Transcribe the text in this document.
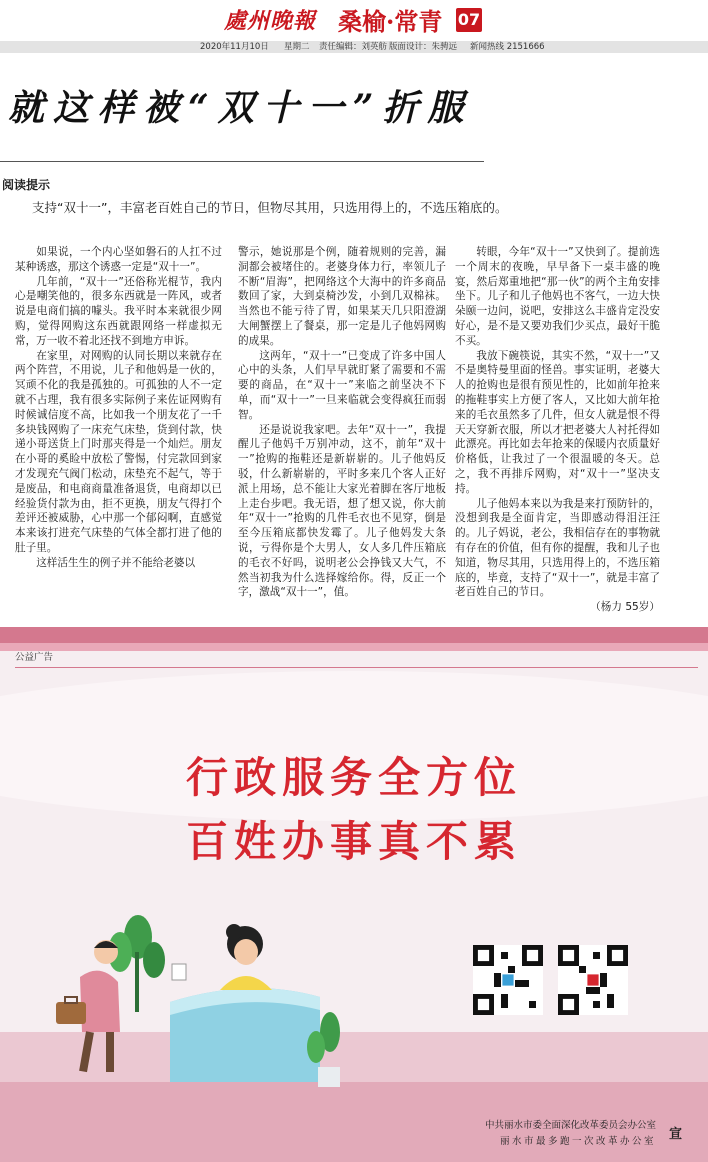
處州晚報 桑榆·常青 07
2020年11月10日 星期二 责任编辑：刘英舫 版面设计：朱骋远 新闻热线 2151666
就这样被“双十一”折服
阅读提示
支持“双十一”，丰富老百姓自己的节日，但物尽其用，只选用得上的，不选压箱底的。

如果说，一个内心坚如磐石的人扛不过某种诱惑，那这个诱惑一定是“双十一”。

几年前，“双十一”还俗称光棍节，我内心是嘲笑他的，很多东西就是一阵风，或者说是电商们搞的噱头。我平时本来就很少网购，觉得网购这东西就跟网络一样虚拟无常，万一收不着北还找不到地方申诉。

在家里，对网购的认同长期以来就存在两个阵营，不用说，儿子和他妈是一伙的，冥顽不化的我是孤独的。可孤独的人不一定就不占理，我有很多实际例子来佐证网购有时候诚信度不高，比如我一个朋友花了一千多块钱网购了一床充气床垫，货到付款，快递小哥送货上门时那夹得是一个灿烂。朋友在小哥的奚睑中放松了警惕，付完款回到家才发现充气阀门松动，床垫充不起气，等于是废品，和电商商量准备退货，电商却以已经验货付款为由，拒不更换，朋友气得打个差评还被威胁，心中那一个郁闷啊，直感觉本来该打进充气床垫的气体全都打进了他的肚子里。

这样活生生的例子并不能给老婆以

警示，她说那是个例，随着规则的完善，漏洞都会被堵住的。老婆身体力行，率领儿子不断“眉海”，把网络这个大海中的许多商品数回了家，大到桌椅沙发，小到几双棉袜。当然也不能亏待了胃，如果某天几只阳澄湖大闸蟹摆上了餐桌，那一定是儿子他妈网购的成果。

这两年，“双十一”已变成了许多中国人心中的头条，人们早早就盯紧了需要和不需要的商品，在“双十一”来临之前坚决不下单，而“双十一”一旦来临就会变得疯狂而弱智。

还是说说我家吧。去年“双十一”，我提醒儿子他妈千万别冲动，这不，前年“双十一”抢购的拖鞋还是新崭崭的。儿子他妈反驳，什么新崭崭的，平时多来几个客人正好派上用场，总不能让大家光着脚在客厅地板上走台步吧。我无语，想了想又说，你大前年“双十一”抢购的几件毛衣也不见穿，倒是至今压箱底都快发霉了。儿子他妈发大条说，亏得你是个大男人，女人多几件压箱底的毛衣不好吗，说明老公会挣钱又大气，不然当初我为什么选择嫁给你。得，反正一个字，激战“双十一”，值。

转眼，今年“双十一”又快到了。提前选一个周末的夜晚，早早备下一桌丰盛的晚宴，然后郑重地把“那一伙”的两个主角安排坐下。儿子和儿子他妈也不客气，一边大快朵颐一边问，说吧，安排这么丰盛肯定没安好心，是不是又要劝我们少买点，最好干脆不买。

我放下碗筷说，其实不然，“双十一”又不是奥特曼里面的怪兽。事实证明，老婆大人的抢购也是很有预见性的，比如前年抢来的拖鞋事实上方便了客人，又比如大前年抢来的毛衣虽然多了几件，但女人就是恨不得天天穿新衣服，所以才把老婆大人衬托得如此漂亮。再比如去年抢来的保暖内衣质量好价格低，让我过了一个很温暖的冬天。总之，我不再排斥网购，对“双十一”坚决支持。

儿子他妈本来以为我是来打预防针的，没想到我是全面肯定，当即感动得泪汪汪的。儿子妈说，老公，我相信存在的事物就有存在的价值，但有你的提醒，我和儿子也知道，物尽其用，只选用得上的，不选压箱底的，毕竟，支持了“双十一”，就是丰富了老百姓自己的节日。

（杨力 55岁）

公益广告
行政服务全方位
百姓办事真不累
中共丽水市委全面深化改革委员会办公室
丽水市最多跑一次改革办公室 宣
